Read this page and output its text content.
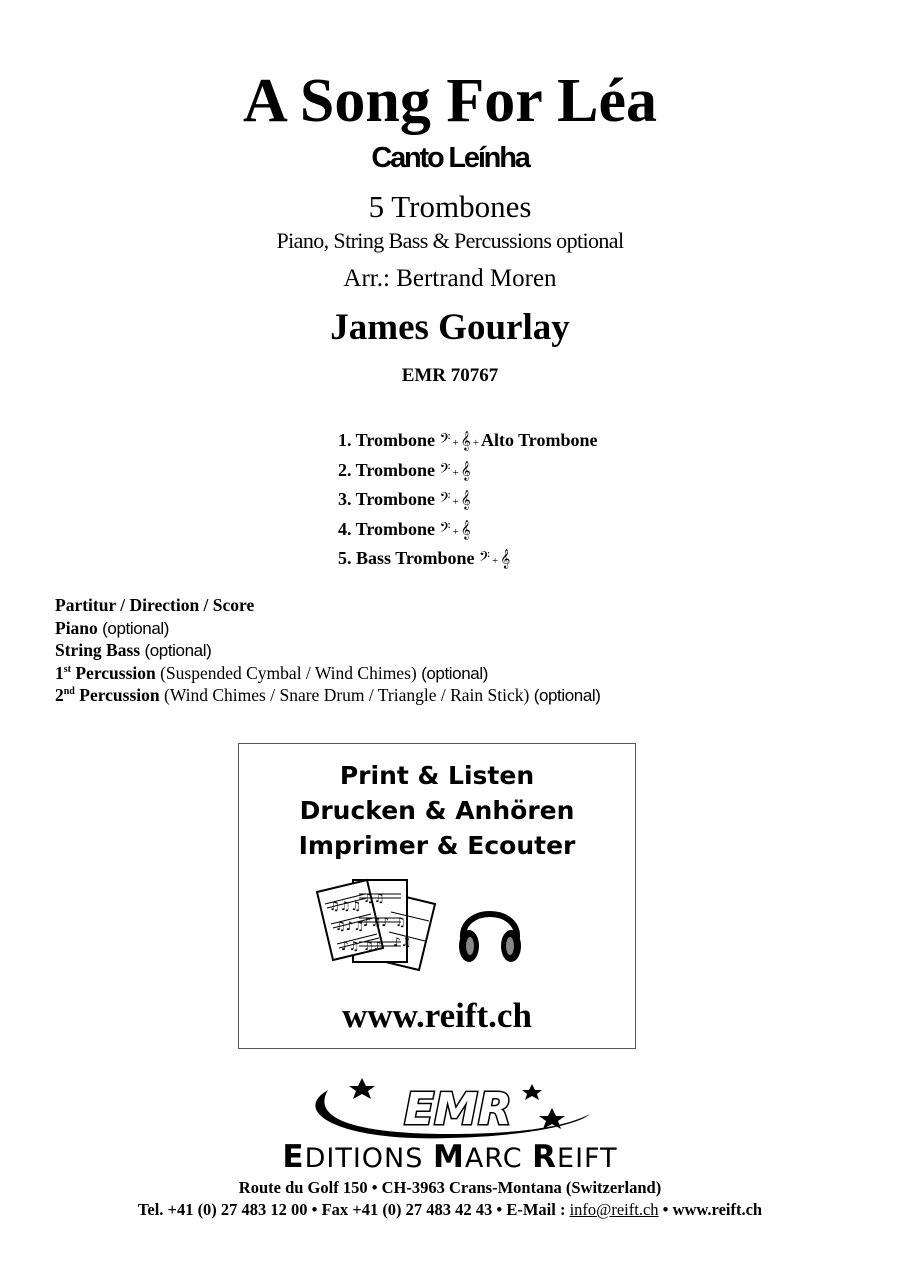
A Song For Léa
Canto Leínha
5 Trombones
Piano, String Bass & Percussions optional
Arr.: Bertrand Moren
James Gourlay
EMR 70767
1. Trombone 𝄢 + 𝄞 + Alto Trombone
2. Trombone 𝄢 + 𝄞
3. Trombone 𝄢 + 𝄞
4. Trombone 𝄢 + 𝄞
5. Bass Trombone 𝄢 + 𝄞
Partitur / Direction / Score
Piano (optional)
String Bass (optional)
1st Percussion (Suspended Cymbal / Wind Chimes) (optional)
2nd Percussion (Wind Chimes / Snare Drum / Triangle / Rain Stick) (optional)
Print & Listen
Drucken & Anhören
Imprimer & Ecouter
♫♫♫
♫♪♫
♪♫
♫♫
♪♫♪
♫♪
♫
♪♫
www.reift.ch
EMR
EDITIONS MARC REIFT
Route du Golf 150 • CH-3963 Crans-Montana (Switzerland)
Tel. +41 (0) 27 483 12 00 • Fax +41 (0) 27 483 42 43 • E-Mail : info@reift.ch • www.reift.ch
